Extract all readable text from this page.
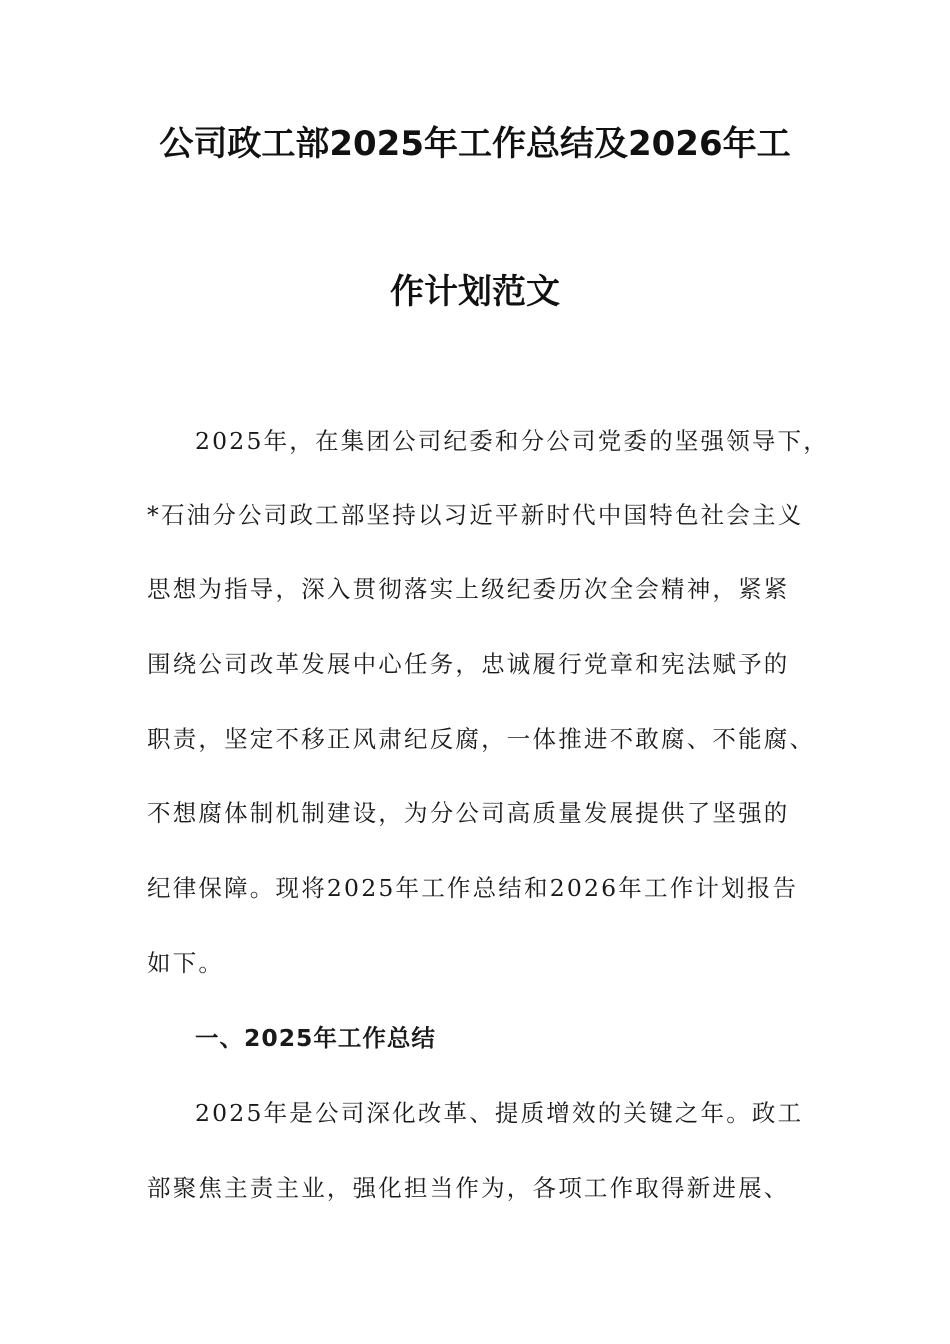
公司政工部2025年工作总结及2026年工
作计划范文
2025年，在集团公司纪委和分公司党委的坚强领导下，
*石油分公司政工部坚持以习近平新时代中国特色社会主义
思想为指导，深入贯彻落实上级纪委历次全会精神，紧紧
围绕公司改革发展中心任务，忠诚履行党章和宪法赋予的
职责，坚定不移正风肃纪反腐，一体推进不敢腐、不能腐、
不想腐体制机制建设，为分公司高质量发展提供了坚强的
纪律保障。现将2025年工作总结和2026年工作计划报告
如下。
一、2025年工作总结
2025年是公司深化改革、提质增效的关键之年。政工
部聚焦主责主业，强化担当作为，各项工作取得新进展、
